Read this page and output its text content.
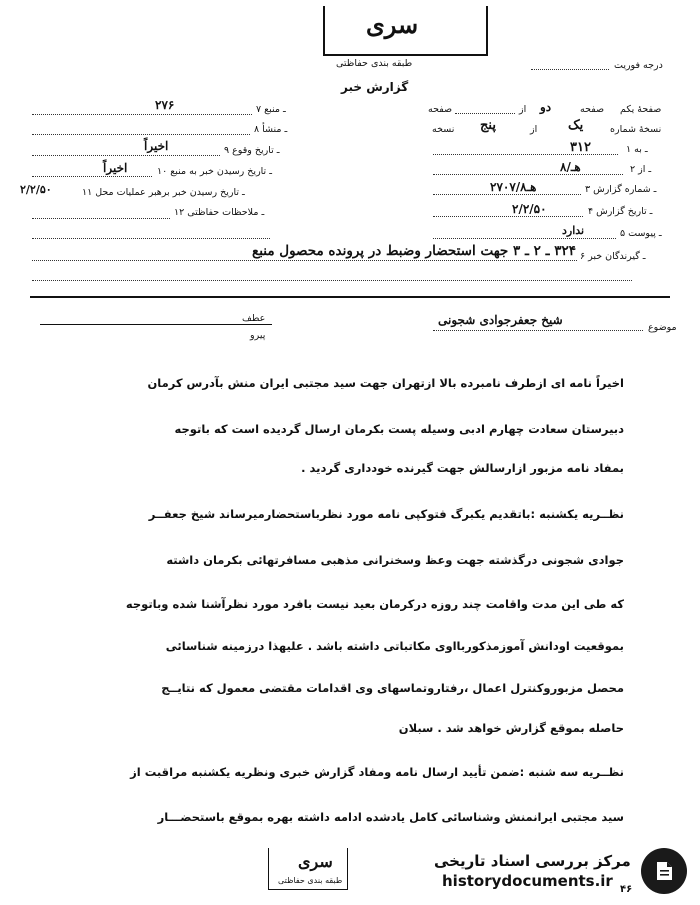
سری
طبقه بندی حفاظتی	درجه فوریت
گزارش خبر
صفحهٔ یکم
صفحه
دو
از
صفحه
نسخهٔ شماره
یک
از
پنج
نسخه
۱ ـ به
۳۱۲
۲ ـ از
۸/هـ
۳ ـ شماره گزارش
۲۷۰۷/۸هـ
۴ ـ تاریخ گزارش
۲/۲/۵۰
۵ ـ پیوست
ندارد
۶ ـ گیرندگان خبر
۳۲۴ ـ ۲ ـ ۳ جهت استحضار وضبط در پرونده محصول منبع
۷ ـ منبع
۲۷۶
۸ ـ منشأ
۹ ـ تاریخ وقوع
اخیراً
۱۰ ـ تاریخ رسیدن خبر به منبع
اخیراً
۱۱ ـ تاریخ رسیدن خبر برهبر عملیات محل
۲/۲/۵۰
۱۲ ـ ملاحظات حفاظتی
موضوع
شیخ جعفرجوادی شجونی
عطف
پیرو
اخیراً نامه ای ازطرف نامبرده بالا ازتهران جهت سید مجتبی ایران منش بآدرس کرمان
دبیرستان سعادت چهارم ادبی وسیله پست بکرمان ارسال گردیده است که باتوجه
بمفاد نامه مزبور ازارسالش جهت گیرنده خودداری گردید .
نظــریه یکشنبه :باتقدیم یکبرگ فتوکپی نامه مورد نظرباستحضارمیرساند شیخ جعفــر
جوادی شجونی درگذشته جهت وعظ وسخنرانی مذهبی مسافرتهائی بکرمان داشته
که طی این مدت واقامت چند روزه درکرمان بعید نیست بافرد مورد نظرآشنا شده وباتوجه
بموقعیت اودانش آموزمذکوربااوی مکاتباتی داشته باشد . علیهذا درزمینه شناسائی
محصل مزبوروکنترل اعمال ،رفتاروتماسهای وی اقدامات مقتضی معمول که نتایــج
حاصله بموقع گزارش خواهد شد . سبلان
نظــریه سه شنبه :ضمن تأیید ارسال نامه ومفاد گزارش خبری ونظریه یکشنبه مراقبت از
سید مجتبی ایرانمنش وشناسائی کامل یادشده ادامه داشته بهره بموقع باستحضـــار
سری
طبقه بندی حفاظتی
مرکز بررسی اسناد تاریخی
historydocuments.ir ۴۶
